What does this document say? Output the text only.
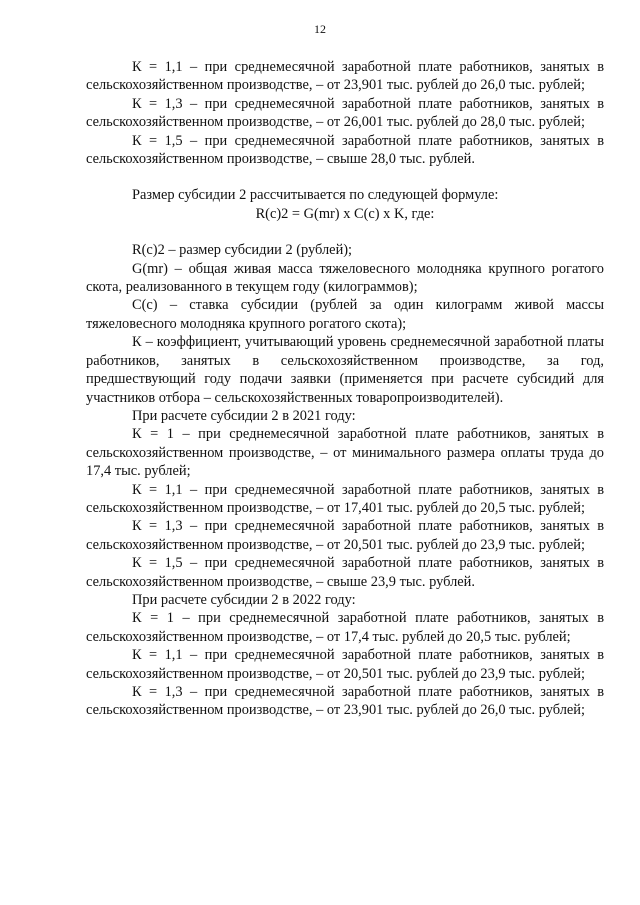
12

К = 1,1 – при среднемесячной заработной плате работников, занятых в сельскохозяйственном производстве, – от 23,901 тыс. рублей до 26,0 тыс. рублей;

К = 1,3 – при среднемесячной заработной плате работников, занятых в сельскохозяйственном производстве, – от 26,001 тыс. рублей до 28,0 тыс. рублей;

К = 1,5 – при среднемесячной заработной плате работников, занятых в сельскохозяйственном производстве, – свыше 28,0 тыс. рублей.

Размер субсидии 2 рассчитывается по следующей формуле:

R(c)2 = G(mr) x C(c) x K, где:

R(c)2 – размер субсидии 2 (рублей);

G(mr) – общая живая масса тяжеловесного молодняка крупного рогатого скота, реализованного в текущем году (килограммов);

C(c) – ставка субсидии (рублей за один килограмм живой массы тяжеловесного молодняка крупного рогатого скота);

К – коэффициент, учитывающий уровень среднемесячной заработной платы работников, занятых в сельскохозяйственном производстве, за год, предшествующий году подачи заявки (применяется при расчете субсидий для участников отбора – сельскохозяйственных товаропроизводителей).

При расчете субсидии 2 в 2021 году:

К = 1 – при среднемесячной заработной плате работников, занятых в сельскохозяйственном производстве, – от минимального размера оплаты труда до 17,4 тыс. рублей;

К = 1,1 – при среднемесячной заработной плате работников, занятых в сельскохозяйственном производстве, – от 17,401 тыс. рублей до 20,5 тыс. рублей;

К = 1,3 – при среднемесячной заработной плате работников, занятых в сельскохозяйственном производстве, – от 20,501 тыс. рублей до 23,9 тыс. рублей;

К = 1,5 – при среднемесячной заработной плате работников, занятых в сельскохозяйственном производстве, – свыше 23,9 тыс. рублей.

При расчете субсидии 2 в 2022 году:

К = 1 – при среднемесячной заработной плате работников, занятых в сельскохозяйственном производстве, – от 17,4 тыс. рублей до 20,5 тыс. рублей;

К = 1,1 – при среднемесячной заработной плате работников, занятых в сельскохозяйственном производстве, – от 20,501 тыс. рублей до 23,9 тыс. рублей;

К = 1,3 – при среднемесячной заработной плате работников, занятых в сельскохозяйственном производстве, – от 23,901 тыс. рублей до 26,0 тыс. рублей;
